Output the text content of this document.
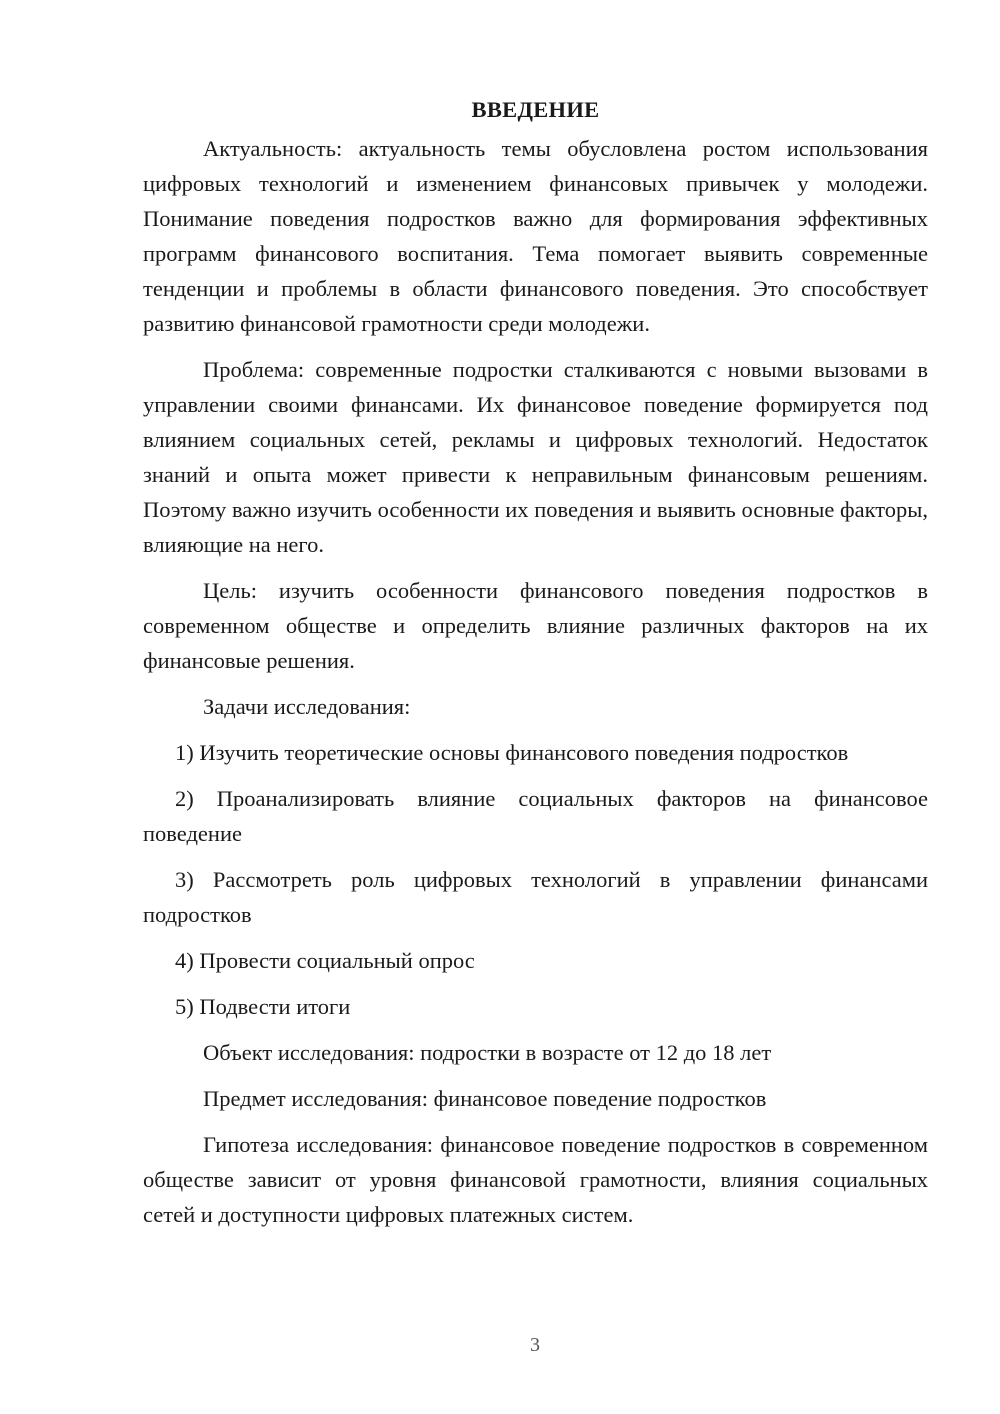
ВВЕДЕНИЕ

Актуальность: актуальность темы обусловлена ростом использования цифровых технологий и изменением финансовых привычек у молодежи. Понимание поведения подростков важно для формирования эффективных программ финансового воспитания. Тема помогает выявить современные тенденции и проблемы в области финансового поведения. Это способствует развитию финансовой грамотности среди молодежи.

Проблема: современные подростки сталкиваются с новыми вызовами в управлении своими финансами. Их финансовое поведение формируется под влиянием социальных сетей, рекламы и цифровых технологий. Недостаток знаний и опыта может привести к неправильным финансовым решениям. Поэтому важно изучить особенности их поведения и выявить основные факторы, влияющие на него.

Цель: изучить особенности финансового поведения подростков в современном обществе и определить влияние различных факторов на их финансовые решения.

Задачи исследования:

1) Изучить теоретические основы финансового поведения подростков

2) Проанализировать влияние социальных факторов на финансовое поведение

3) Рассмотреть роль цифровых технологий в управлении финансами подростков

4) Провести социальный опрос

5) Подвести итоги

Объект исследования: подростки в возрасте от 12 до 18 лет

Предмет исследования: финансовое поведение подростков

Гипотеза исследования: финансовое поведение подростков в современном обществе зависит от уровня финансовой грамотности, влияния социальных сетей и доступности цифровых платежных систем.

3
